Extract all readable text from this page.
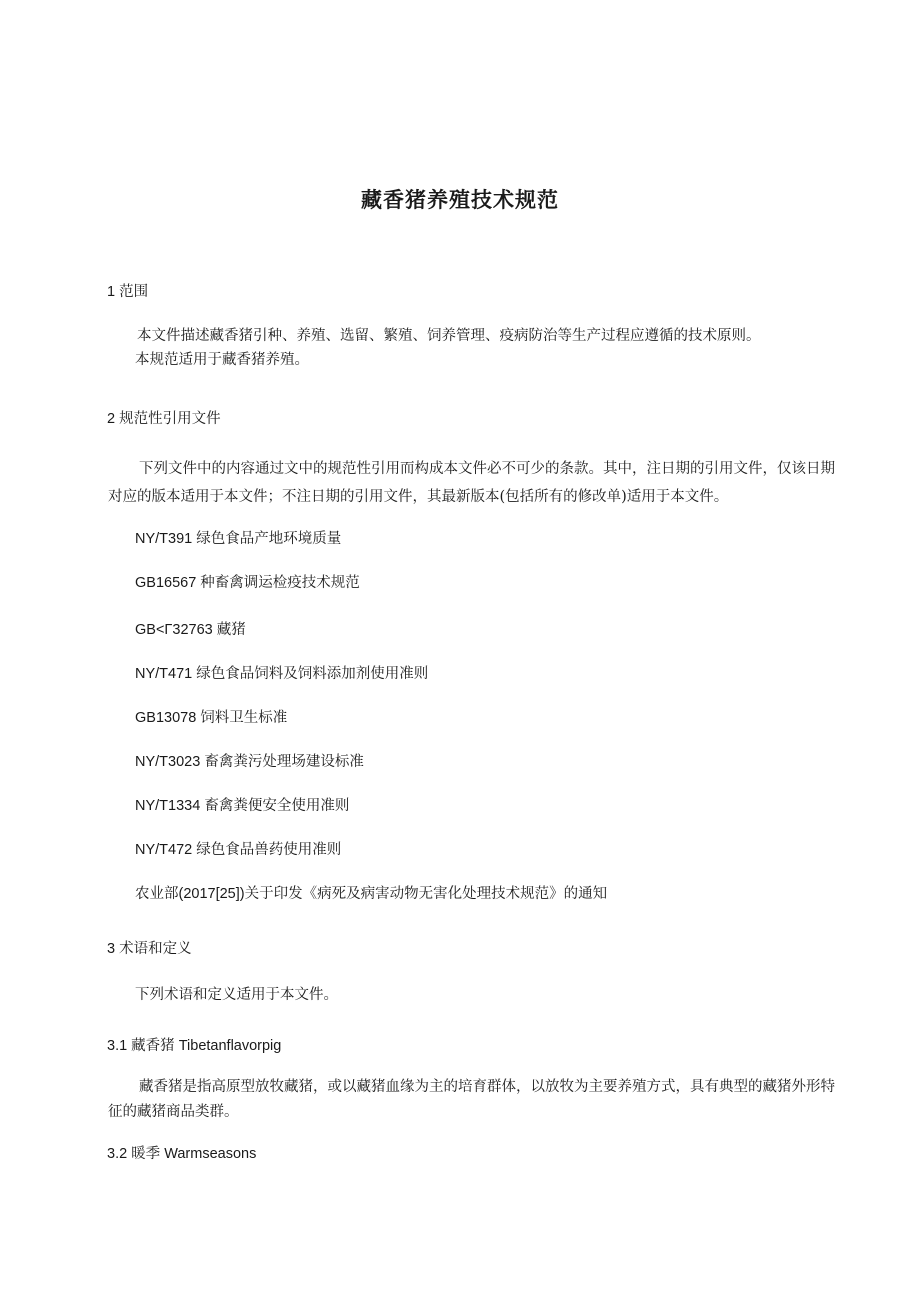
藏香猪养殖技术规范

1 范围

本文件描述藏香猪引种、养殖、选留、繁殖、饲养管理、疫病防治等生产过程应遵循的技术原则。

本规范适用于藏香猪养殖。

2 规范性引用文件

下列文件中的内容通过文中的规范性引用而构成本文件必不可少的条款。其中，注日期的引用文件，仅该日期对应的版本适用于本文件；不注日期的引用文件，其最新版本(包括所有的修改单)适用于本文件。

NY/T391 绿色食品产地环境质量

GB16567 种畜禽调运检疫技术规范

GB<Γ32763 藏猪

NY/T471 绿色食品饲料及饲料添加剂使用准则

GB13078 饲料卫生标准

NY/T3023 畜禽粪污处理场建设标准

NY/T1334 畜禽粪便安全使用准则

NY/T472 绿色食品兽药使用准则

农业部(2017[25])关于印发《病死及病害动物无害化处理技术规范》的通知

3 术语和定义

下列术语和定义适用于本文件。

3.1 藏香猪 Tibetanflavorpig

藏香猪是指高原型放牧藏猪，或以藏猪血缘为主的培育群体，以放牧为主要养殖方式，具有典型的藏猪外形特征的藏猪商品类群。

3.2 暖季 Warmseasons
